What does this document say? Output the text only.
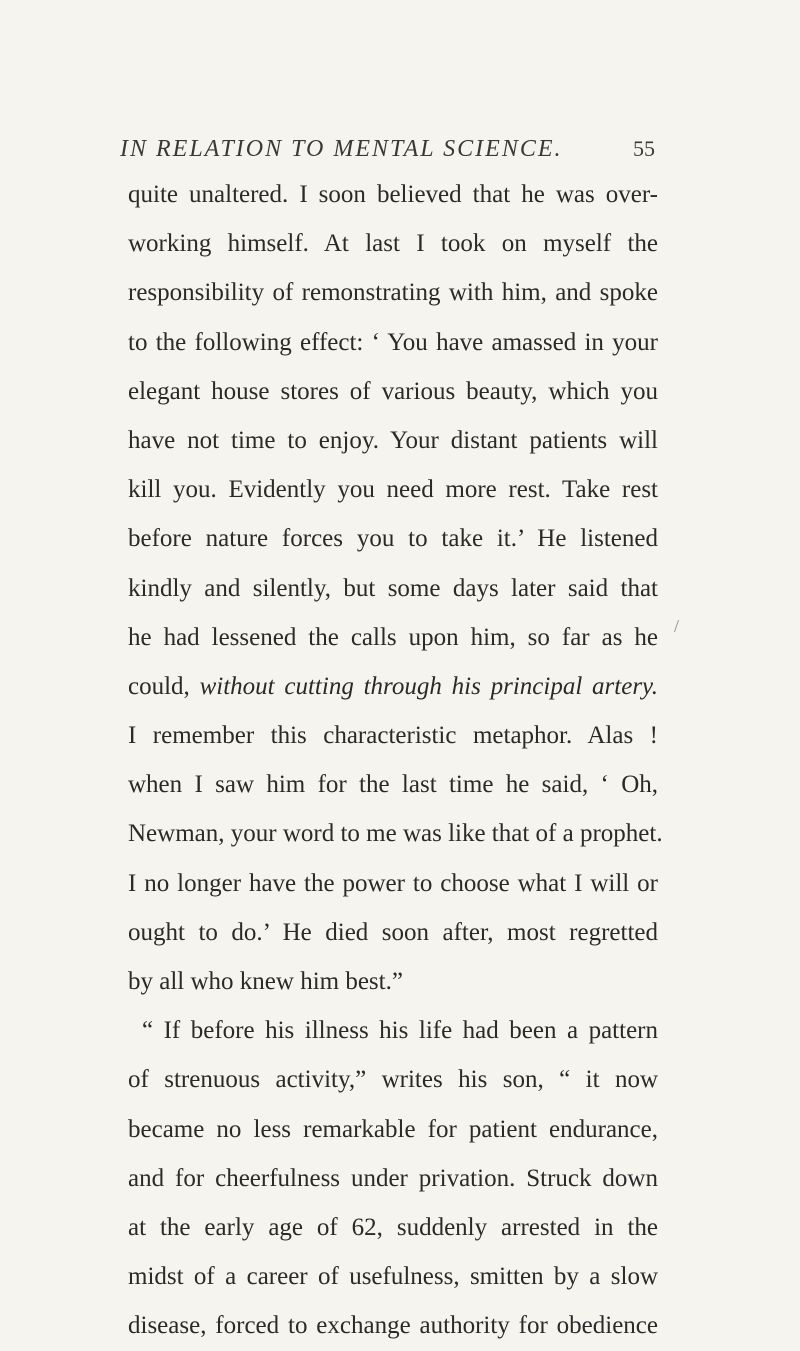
IN RELATION TO MENTAL SCIENCE.	55
/
quite unaltered. I soon believed that he was over-
working himself. At last I took on myself the
responsibility of remonstrating with him, and spoke
to the following effect: ‘ You have amassed in your
elegant house stores of various beauty, which you
have not time to enjoy. Your distant patients will
kill you. Evidently you need more rest. Take rest
before nature forces you to take it.’ He listened
kindly and silently, but some days later said that
he had lessened the calls upon him, so far as he
could, without cutting through his principal artery.
I remember this characteristic metaphor. Alas !
when I saw him for the last time he said, ‘ Oh,
Newman, your word to me was like that of a prophet.
I no longer have the power to choose what I will or
ought to do.’ He died soon after, most regretted
by all who knew him best.”
“ If before his illness his life had been a pattern
of strenuous activity,” writes his son, “ it now
became no less remarkable for patient endurance,
and for cheerfulness under privation. Struck down
at the early age of 62, suddenly arrested in the
midst of a career of usefulness, smitten by a slow
disease, forced to exchange authority for obedience
